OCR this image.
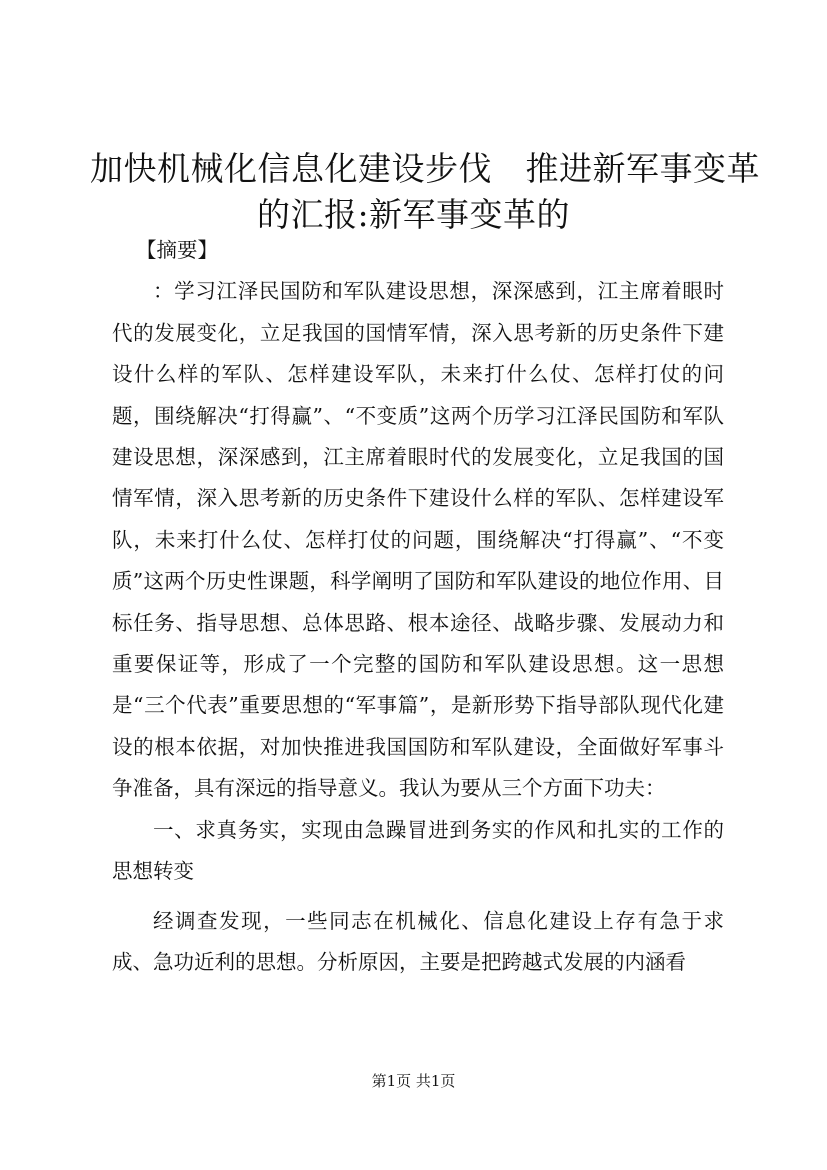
加快机械化信息化建设步伐　推进新军事变革
的汇报:新军事变革的

【摘要】

：学习江泽民国防和军队建设思想，深深感到，江主席着眼时代的发展变化，立足我国的国情军情，深入思考新的历史条件下建设什么样的军队、怎样建设军队，未来打什么仗、怎样打仗的问题，围绕解决“打得赢”、“不变质”这两个历学习江泽民国防和军队建设思想，深深感到，江主席着眼时代的发展变化，立足我国的国情军情，深入思考新的历史条件下建设什么样的军队、怎样建设军队，未来打什么仗、怎样打仗的问题，围绕解决“打得赢”、“不变质”这两个历史性课题，科学阐明了国防和军队建设的地位作用、目标任务、指导思想、总体思路、根本途径、战略步骤、发展动力和重要保证等，形成了一个完整的国防和军队建设思想。这一思想是“三个代表”重要思想的“军事篇”，是新形势下指导部队现代化建设的根本依据，对加快推进我国国防和军队建设，全面做好军事斗争准备，具有深远的指导意义。我认为要从三个方面下功夫：

一、求真务实，实现由急躁冒进到务实的作风和扎实的工作的思想转变

经调查发现，一些同志在机械化、信息化建设上存有急于求成、急功近利的思想。分析原因，主要是把跨越式发展的内涵看

第1页 共1页
